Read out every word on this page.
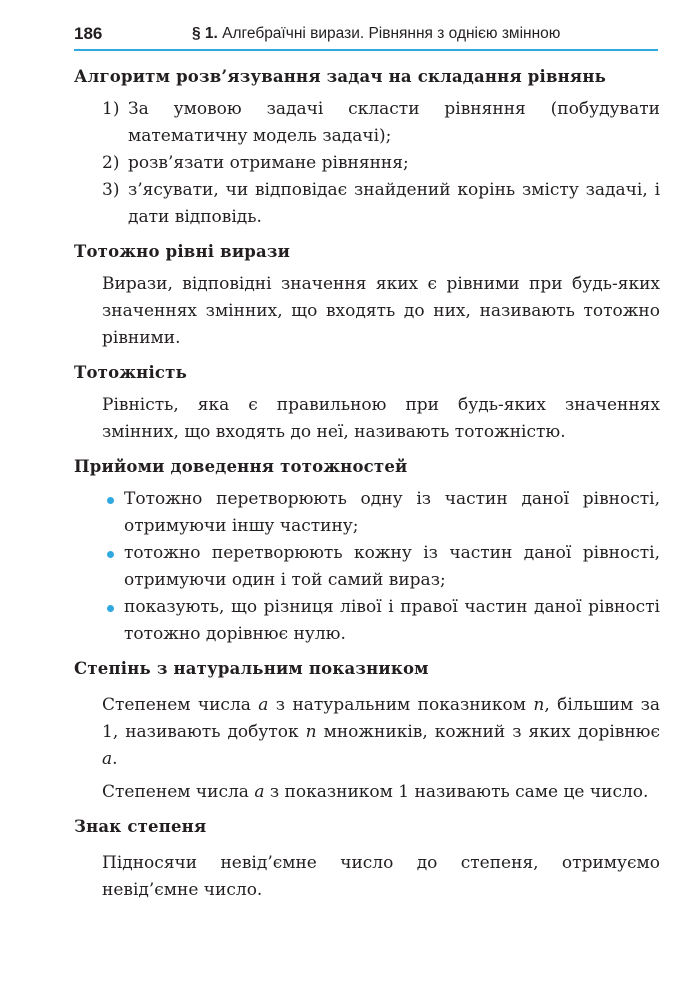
186	§ 1. Алгебраїчні вирази. Рівняння з однією змінною
Алгоритм розв’язування задач на складання рівнянь
1) За умовою задачі скласти рівняння (побудувати математичну модель задачі);
2) розв’язати отримане рівняння;
3) з’ясувати, чи відповідає знайдений корінь змісту задачі, і дати відповідь.
Тотожно рівні вирази
Вирази, відповідні значення яких є рівними при будь-яких значеннях змінних, що входять до них, називають тотожно рівними.
Тотожність
Рівність, яка є правильною при будь-яких значеннях змінних, що входять до неї, називають тотожністю.
Прийоми доведення тотожностей
Тотожно перетворюють одну із частин даної рівності, отримуючи іншу частину;
тотожно перетворюють кожну із частин даної рівності, отримуючи один і той самий вираз;
показують, що різниця лівої і правої частин даної рівності тотожно дорівнює нулю.
Степінь з натуральним показником

Степенем числа a з натуральним показником n, більшим за 1, називають добуток n множників, кожний з яких дорівнює a.

Степенем числа a з показником 1 називають саме це число.

Знак степеня
Підносячи невід’ємне число до степеня, отримуємо невід’ємне число.
